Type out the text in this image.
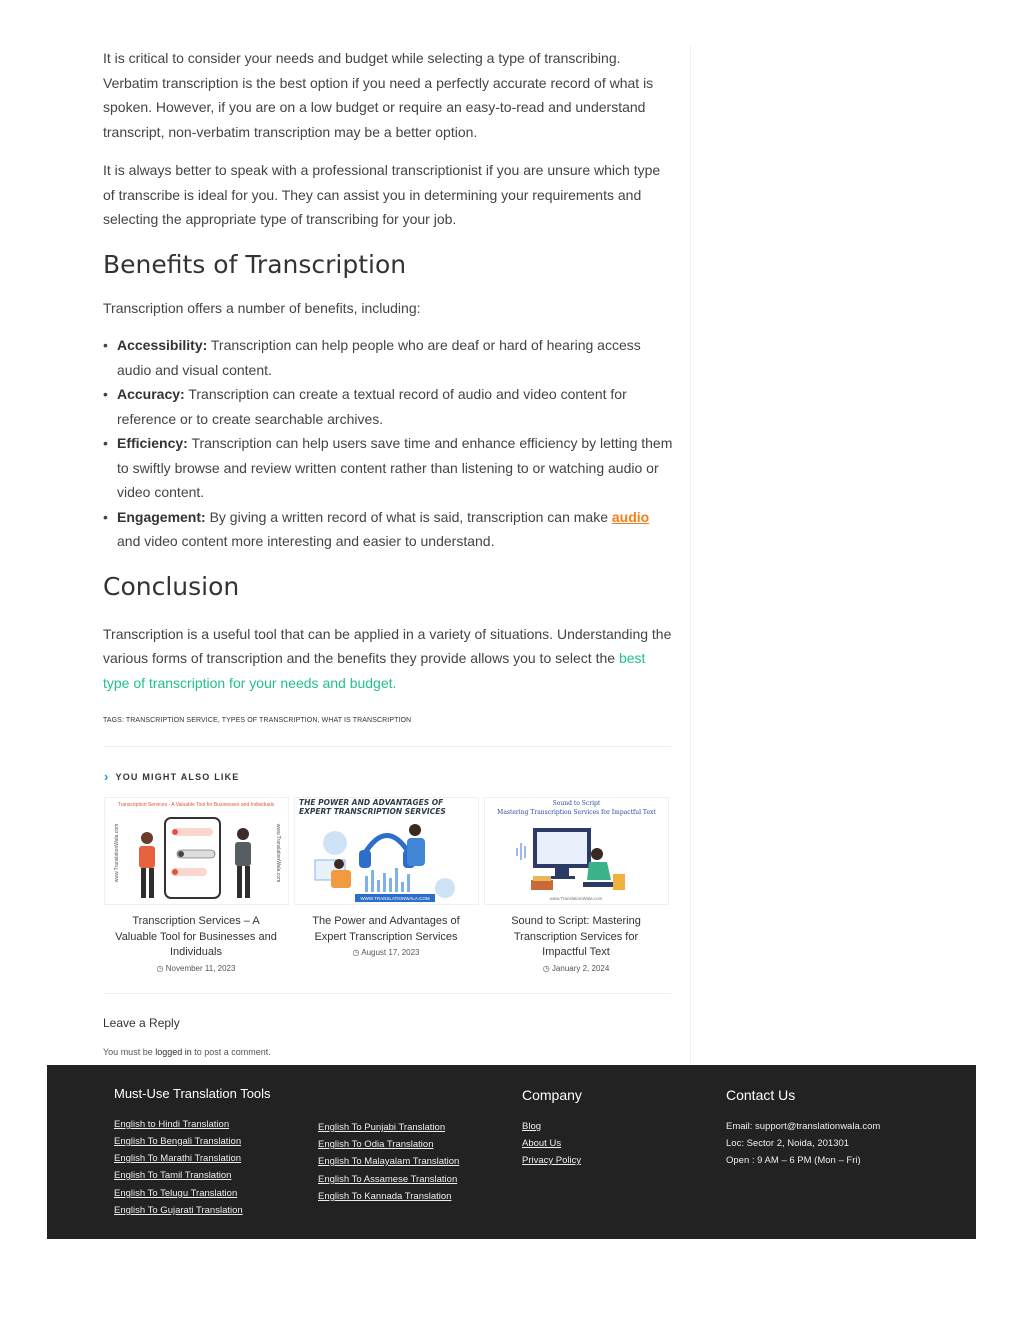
It is critical to consider your needs and budget while selecting a type of transcribing. Verbatim transcription is the best option if you need a perfectly accurate record of what is spoken. However, if you are on a low budget or require an easy-to-read and understand transcript, non-verbatim transcription may be a better option.

It is always better to speak with a professional transcriptionist if you are unsure which type of transcribe is ideal for you. They can assist you in determining your requirements and selecting the appropriate type of transcribing for your job.

Benefits of Transcription

Transcription offers a number of benefits, including:

• Accessibility: Transcription can help people who are deaf or hard of hearing access audio and visual content.
• Accuracy: Transcription can create a textual record of audio and video content for reference or to create searchable archives.
• Efficiency: Transcription can help users save time and enhance efficiency by letting them to swiftly browse and review written content rather than listening to or watching audio or video content.
• Engagement: By giving a written record of what is said, transcription can make audio and video content more interesting and easier to understand.
Conclusion

Transcription is a useful tool that can be applied in a variety of situations. Understanding the various forms of transcription and the benefits they provide allows you to select the best type of transcription for your needs and budget.

TAGS: TRANSCRIPTION SERVICE, TYPES OF TRANSCRIPTION, WHAT IS TRANSCRIPTION
› YOU MIGHT ALSO LIKE
Transcription Services - A Valuable Tool for Businesses and Individuals
www.TranslationWala.com	www.TranslationWala.com
Transcription Services – A Valuable Tool for Businesses and Individuals
◷ November 11, 2023
THE POWER AND ADVANTAGES OF EXPERT TRANSCRIPTION SERVICES
WWW.TRANSLATIONWALA.COM
The Power and Advantages of Expert Transcription Services
◷ August 17, 2023
Sound to Script
Mastering Transcription Services for Impactful Text
www.TranslationWala.com
Sound to Script: Mastering Transcription Services for Impactful Text
◷ January 2, 2024
Leave a Reply
You must be logged in to post a comment.
Must-Use Translation Tools
English to Hindi Translation
English To Bengali Translation
English To Marathi Translation
English To Tamil Translation
English To Telugu Translation
English To Gujarati Translation
English To Punjabi Translation
English To Odia Translation
English To Malayalam Translation
English To Assamese Translation
English To Kannada Translation
Company
Blog
About Us
Privacy Policy
Contact Us
Email: support@translationwala.com
Loc: Sector 2, Noida, 201301
Open : 9 AM – 6 PM (Mon – Fri)
